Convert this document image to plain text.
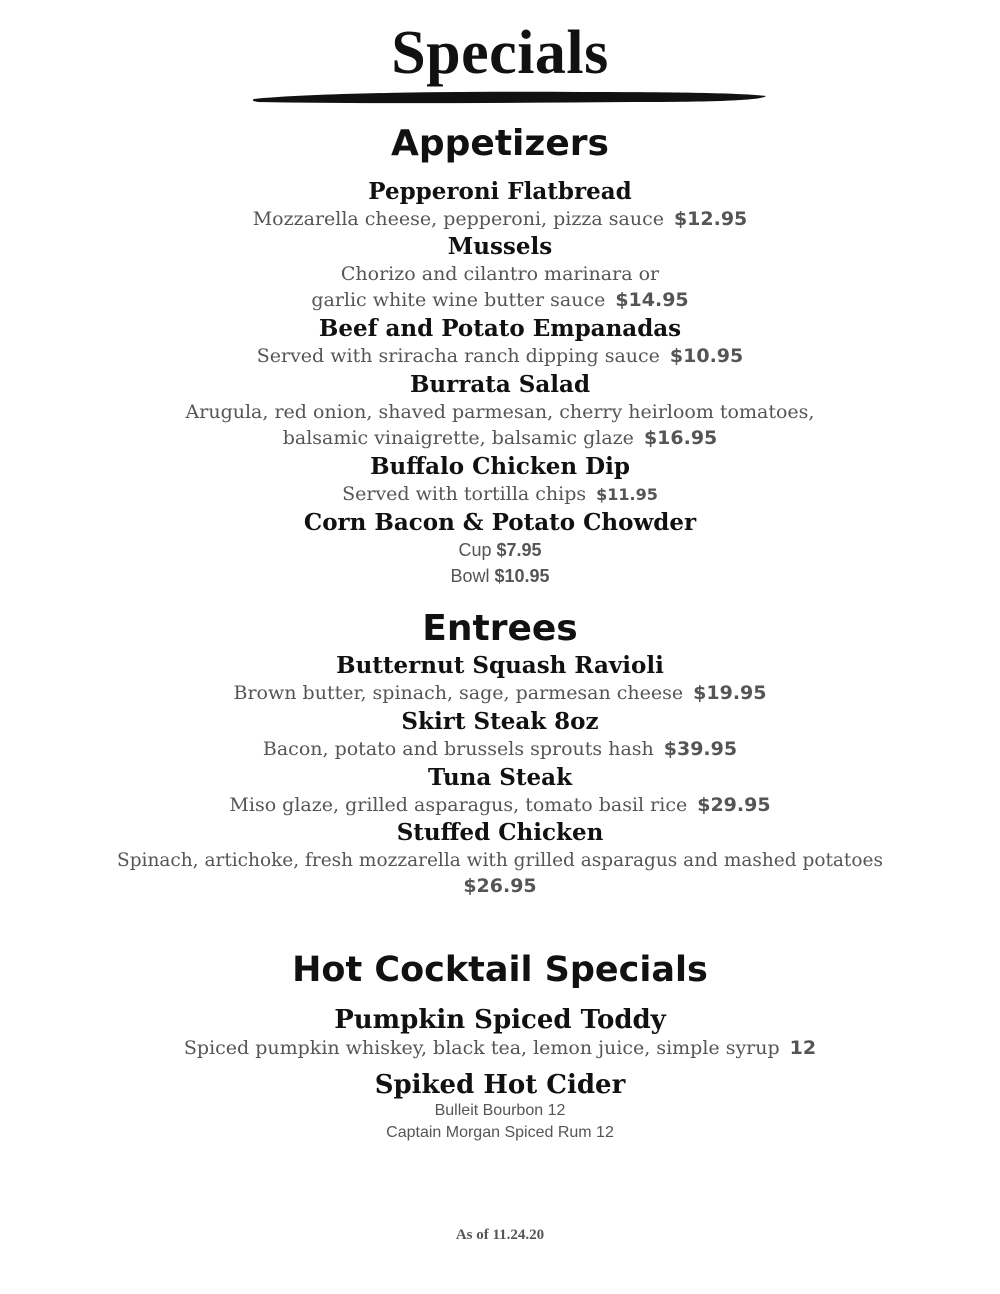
Specials
Appetizers
Pepperoni Flatbread
Mozzarella cheese, pepperoni, pizza sauce $12.95
Mussels
Chorizo and cilantro marinara or
garlic white wine butter sauce $14.95
Beef and Potato Empanadas
Served with sriracha ranch dipping sauce $10.95
Burrata Salad
Arugula, red onion, shaved parmesan, cherry heirloom tomatoes,
balsamic vinaigrette, balsamic glaze $16.95
Buffalo Chicken Dip
Served with tortilla chips $11.95
Corn Bacon & Potato Chowder
Cup $7.95
Bowl $10.95
Entrees
Butternut Squash Ravioli
Brown butter, spinach, sage, parmesan cheese $19.95
Skirt Steak 8oz
Bacon, potato and brussels sprouts hash $39.95
Tuna Steak
Miso glaze, grilled asparagus, tomato basil rice $29.95
Stuffed Chicken
Spinach, artichoke, fresh mozzarella with grilled asparagus and mashed potatoes
$26.95
Hot Cocktail Specials
Pumpkin Spiced Toddy
Spiced pumpkin whiskey, black tea, lemon juice, simple syrup 12
Spiked Hot Cider
Bulleit Bourbon 12
Captain Morgan Spiced Rum 12
As of 11.24.20
